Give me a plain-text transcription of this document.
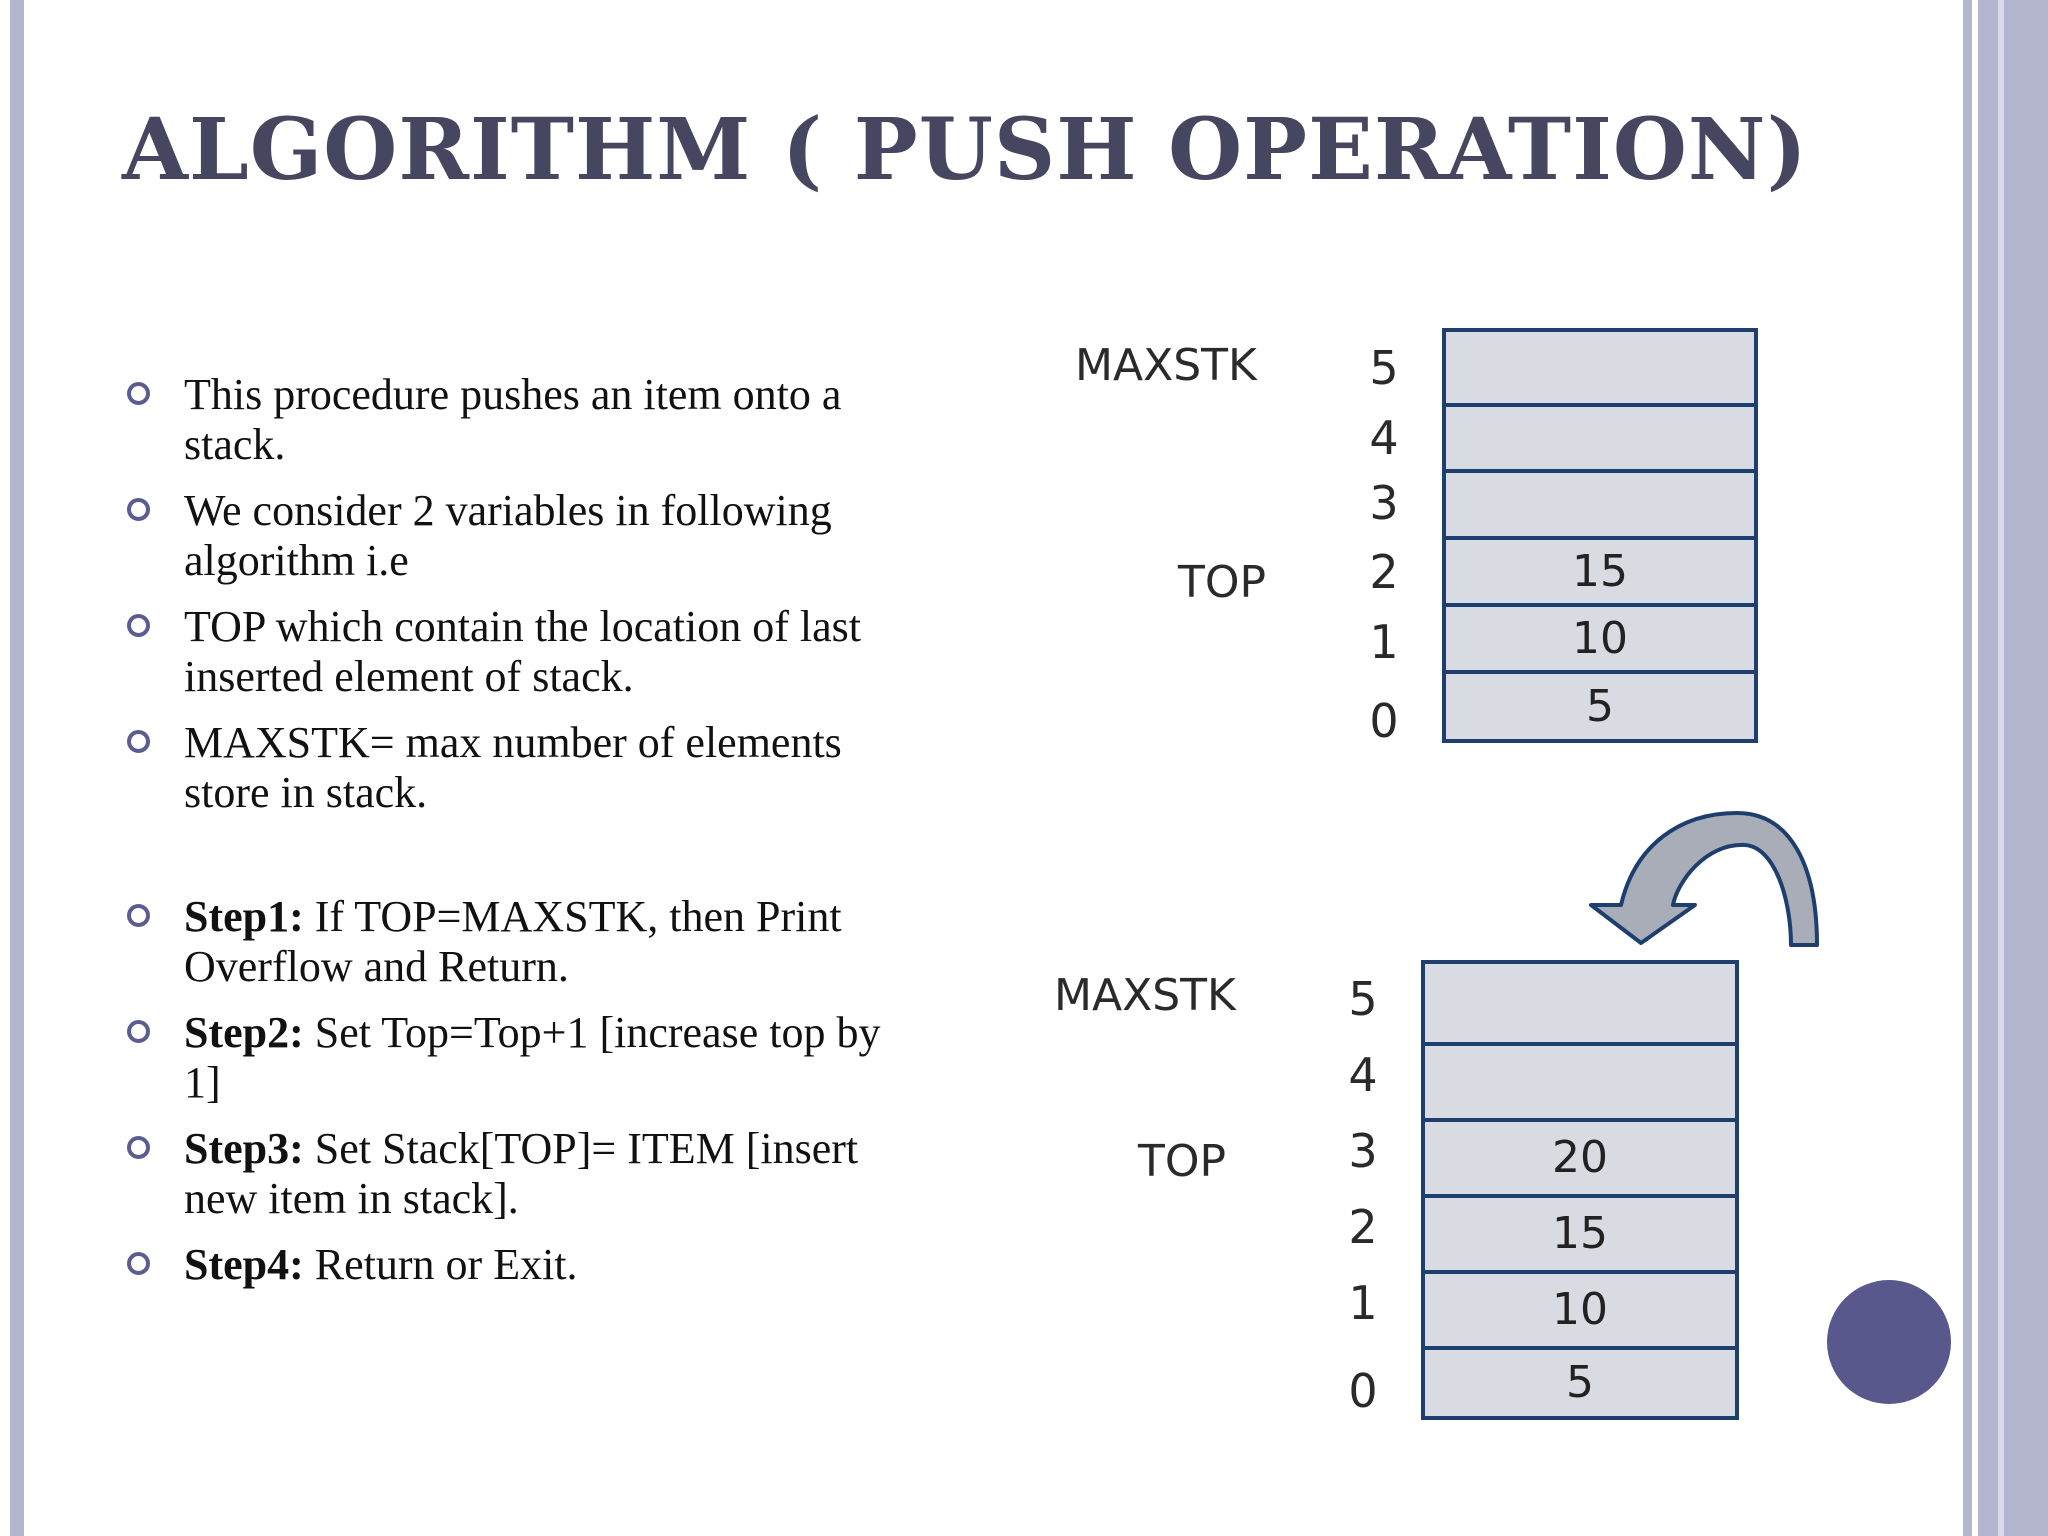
ALGORITHM ( PUSH OPERATION)
This procedure pushes an item onto a stack.
We consider 2 variables in following algorithm i.e
TOP which contain the location of last inserted element of stack.
MAXSTK= max number of elements store in stack.
Step1: If TOP=MAXSTK, then Print Overflow and Return.
Step2: Set Top=Top+1 [increase top by 1]
Step3: Set Stack[TOP]= ITEM [insert new item in stack].
Step4: Return or Exit.
MAXSTK
TOP
5
4
3
2
1
0
15
10
5
MAXSTK
TOP
5
4
3
2
1
0
20
15
10
5
